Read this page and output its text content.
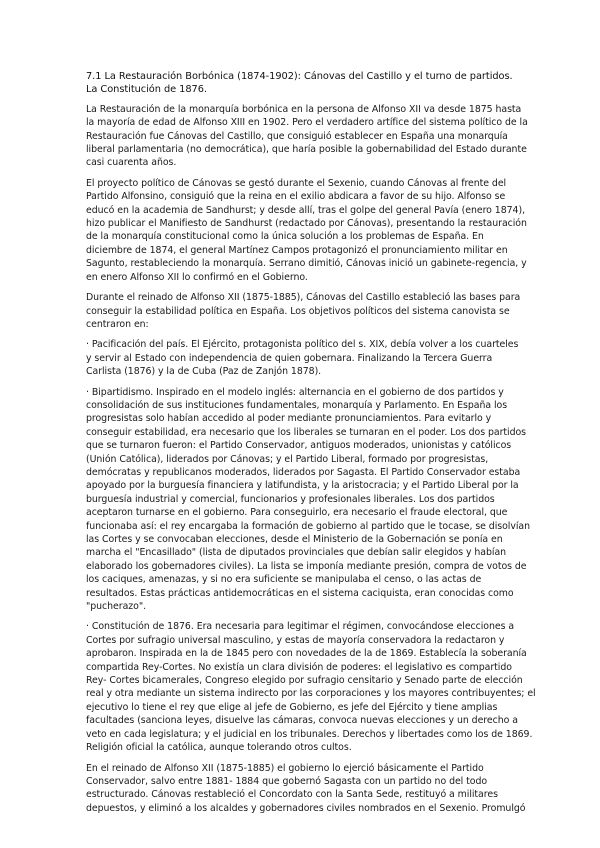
7.1 La Restauración Borbónica (1874-1902): Cánovas del Castillo y el turno de partidos.
La Constitución de 1876.
La Restauración de la monarquía borbónica en la persona de Alfonso XII va desde 1875 hasta
la mayoría de edad de Alfonso XIII en 1902. Pero el verdadero artífice del sistema político de la
Restauración fue Cánovas del Castillo, que consiguió establecer en España una monarquía
liberal parlamentaria (no democrática), que haría posible la gobernabilidad del Estado durante
casi cuarenta años.
El proyecto político de Cánovas se gestó durante el Sexenio, cuando Cánovas al frente del
Partido Alfonsino, consiguió que la reina en el exilio abdicara a favor de su hijo. Alfonso se
educó en la academia de Sandhurst; y desde allí, tras el golpe del general Pavía (enero 1874),
hizo publicar el Manifiesto de Sandhurst (redactado por Cánovas), presentando la restauración
de la monarquía constitucional como la única solución a los problemas de España. En
diciembre de 1874, el general Martínez Campos protagonizó el pronunciamiento militar en
Sagunto, restableciendo la monarquía. Serrano dimitió, Cánovas inició un gabinete-regencia, y
en enero Alfonso XII lo confirmó en el Gobierno.
Durante el reinado de Alfonso XII (1875-1885), Cánovas del Castillo estableció las bases para
conseguir la estabilidad política en España. Los objetivos políticos del sistema canovista se
centraron en:
· Pacificación del país. El Ejército, protagonista político del s. XIX, debía volver a los cuarteles
y servir al Estado con independencia de quien gobernara. Finalizando la Tercera Guerra
Carlista (1876) y la de Cuba (Paz de Zanjón 1878).
· Bipartidismo. Inspirado en el modelo inglés: alternancia en el gobierno de dos partidos y
consolidación de sus instituciones fundamentales, monarquía y Parlamento. En España los
progresistas solo habían accedido al poder mediante pronunciamientos. Para evitarlo y
conseguir estabilidad, era necesario que los liberales se turnaran en el poder. Los dos partidos
que se turnaron fueron: el Partido Conservador, antiguos moderados, unionistas y católicos
(Unión Católica), liderados por Cánovas; y el Partido Liberal, formado por progresistas,
demócratas y republicanos moderados, liderados por Sagasta. El Partido Conservador estaba
apoyado por la burguesía financiera y latifundista, y la aristocracia; y el Partido Liberal por la
burguesía industrial y comercial, funcionarios y profesionales liberales. Los dos partidos
aceptaron turnarse en el gobierno. Para conseguirlo, era necesario el fraude electoral, que
funcionaba así: el rey encargaba la formación de gobierno al partido que le tocase, se disolvían
las Cortes y se convocaban elecciones, desde el Ministerio de la Gobernación se ponía en
marcha el "Encasillado" (lista de diputados provinciales que debían salir elegidos y habían
elaborado los gobernadores civiles). La lista se imponía mediante presión, compra de votos de
los caciques, amenazas, y si no era suficiente se manipulaba el censo, o las actas de
resultados. Estas prácticas antidemocráticas en el sistema caciquista, eran conocidas como
"pucherazo".
· Constitución de 1876. Era necesaria para legitimar el régimen, convocándose elecciones a
Cortes por sufragio universal masculino, y estas de mayoría conservadora la redactaron y
aprobaron. Inspirada en la de 1845 pero con novedades de la de 1869. Establecía la soberanía
compartida Rey-Cortes. No existía un clara división de poderes: el legislativo es compartido
Rey- Cortes bicamerales, Congreso elegido por sufragio censitario y Senado parte de elección
real y otra mediante un sistema indirecto por las corporaciones y los mayores contribuyentes; el
ejecutivo lo tiene el rey que elige al jefe de Gobierno, es jefe del Ejército y tiene amplias
facultades (sanciona leyes, disuelve las cámaras, convoca nuevas elecciones y un derecho a
veto en cada legislatura; y el judicial en los tribunales. Derechos y libertades como los de 1869.
Religión oficial la católica, aunque tolerando otros cultos.
En el reinado de Alfonso XII (1875-1885) el gobierno lo ejerció básicamente el Partido
Conservador, salvo entre 1881- 1884 que gobernó Sagasta con un partido no del todo
estructurado. Cánovas restableció el Concordato con la Santa Sede, restituyó a militares
depuestos, y eliminó a los alcaldes y gobernadores civiles nombrados en el Sexenio. Promulgó
